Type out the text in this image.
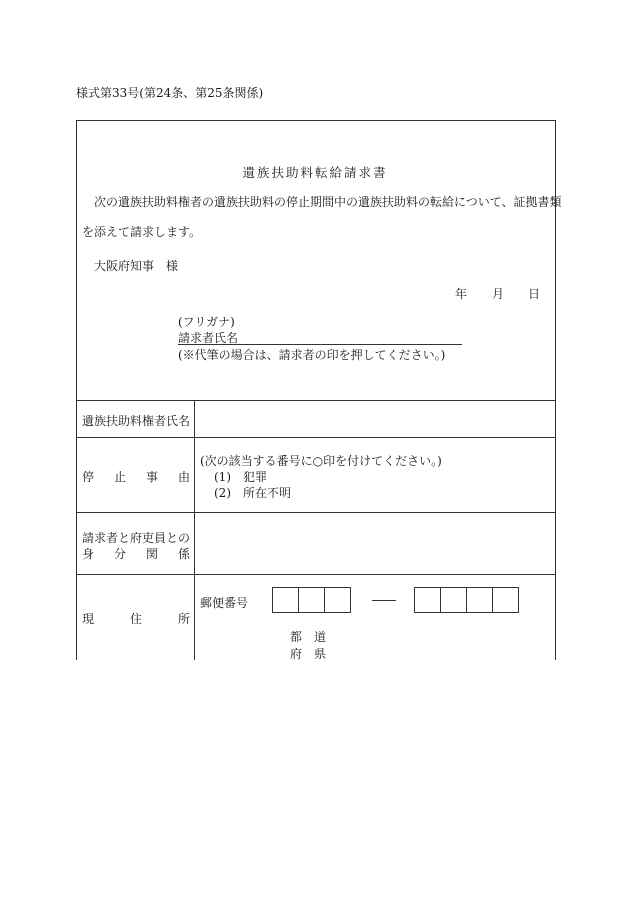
様式第33号(第24条、第25条関係)
遺族扶助料転給請求書
次の遺族扶助料権者の遺族扶助料の停止期間中の遺族扶助料の転給について、証拠書類
を添えて請求します。
大阪府知事　様
年 月 日
(フリガナ)
請求者氏名
(※代筆の場合は、請求者の印を押してください。)
遺族扶助料権者氏名
停 止 事 由
(次の該当する番号に○印を付けてください。)
(1)　犯罪
(2)　所在不明
請求者と府吏員との
身 分 関 係
現	住	所
郵便番号
都 道
府 県
